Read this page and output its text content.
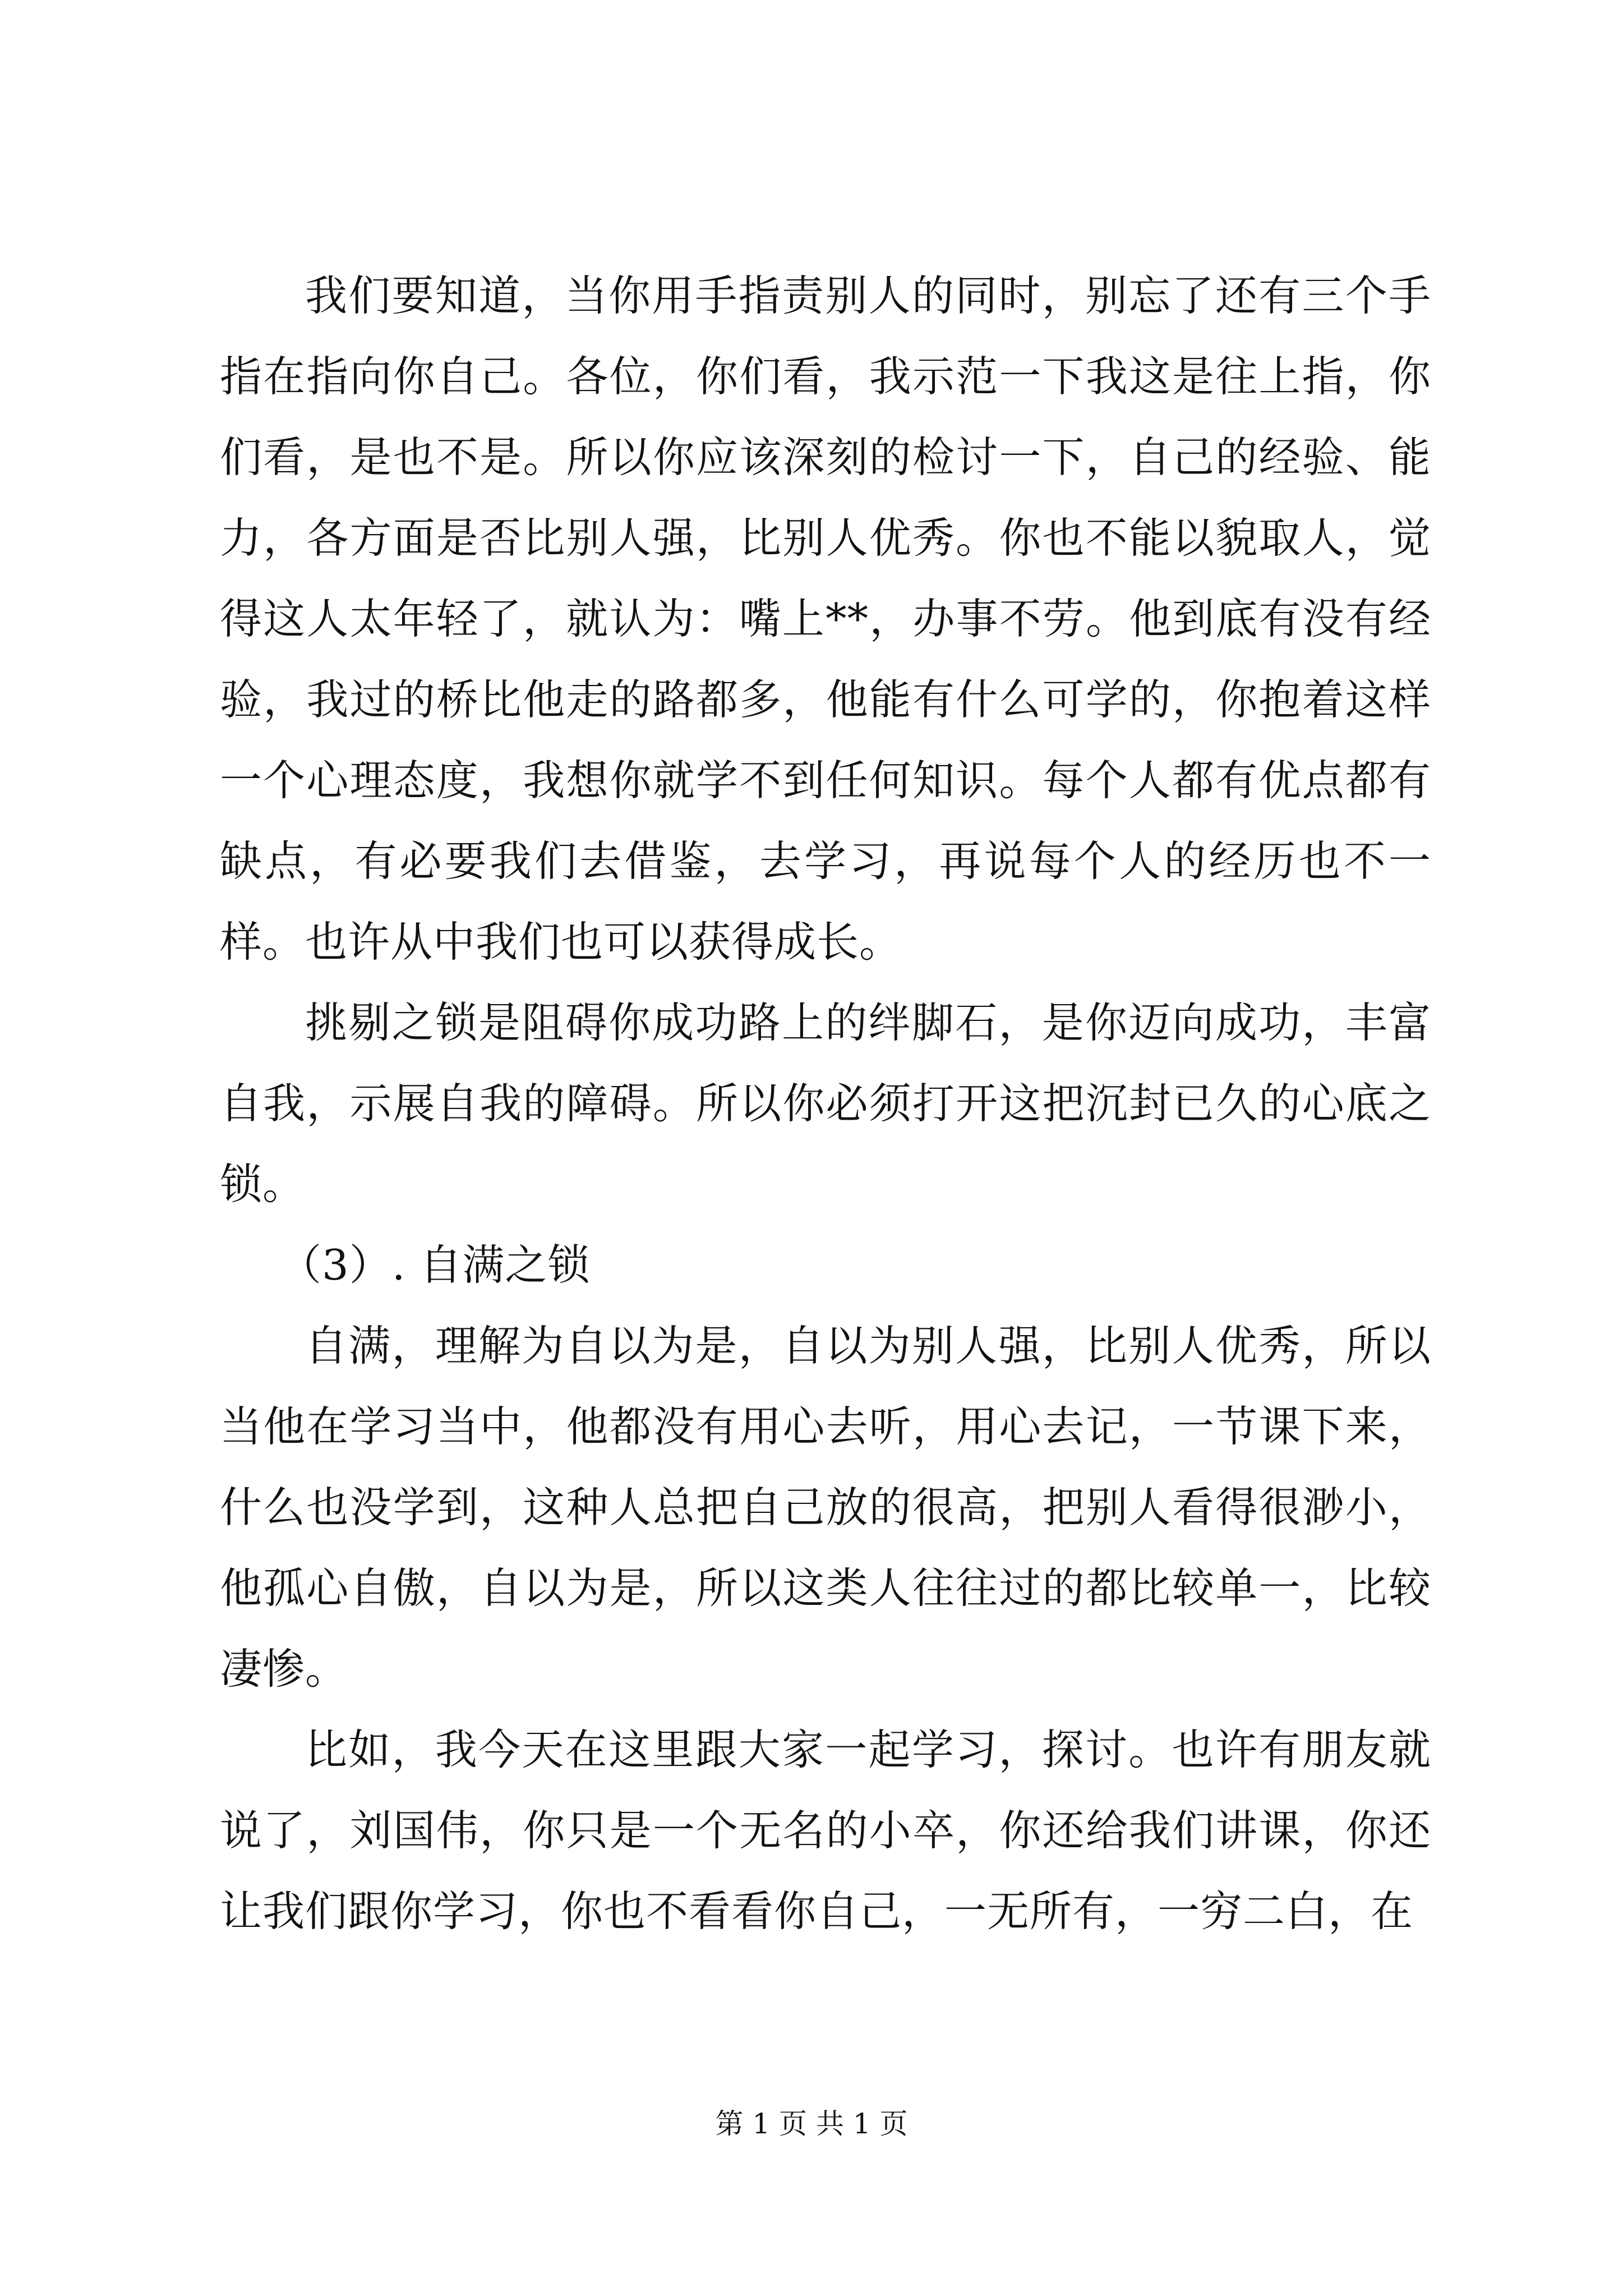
我们要知道，当你用手指责别人的同时，别忘了还有三个手指在指向你自己。各位，你们看，我示范一下我这是往上指，你们看，是也不是。所以你应该深刻的检讨一下，自己的经验、能力，各方面是否比别人强，比别人优秀。你也不能以貌取人，觉得这人太年轻了，就认为：嘴上**，办事不劳。他到底有没有经验，我过的桥比他走的路都多，他能有什么可学的，你抱着这样一个心理态度，我想你就学不到任何知识。每个人都有优点都有缺点，有必要我们去借鉴，去学习，再说每个人的经历也不一样。也许从中我们也可以获得成长。

挑剔之锁是阻碍你成功路上的绊脚石，是你迈向成功，丰富自我，示展自我的障碍。所以你必须打开这把沉封已久的心底之锁。

（3）. 自满之锁

自满，理解为自以为是，自以为别人强，比别人优秀，所以当他在学习当中，他都没有用心去听，用心去记，一节课下来，什么也没学到，这种人总把自己放的很高，把别人看得很渺小，他孤心自傲，自以为是，所以这类人往往过的都比较单一，比较凄惨。

比如，我今天在这里跟大家一起学习，探讨。也许有朋友就说了，刘国伟，你只是一个无名的小卒，你还给我们讲课，你还让我们跟你学习，你也不看看你自己，一无所有，一穷二白，在

第 1 页 共 1 页
